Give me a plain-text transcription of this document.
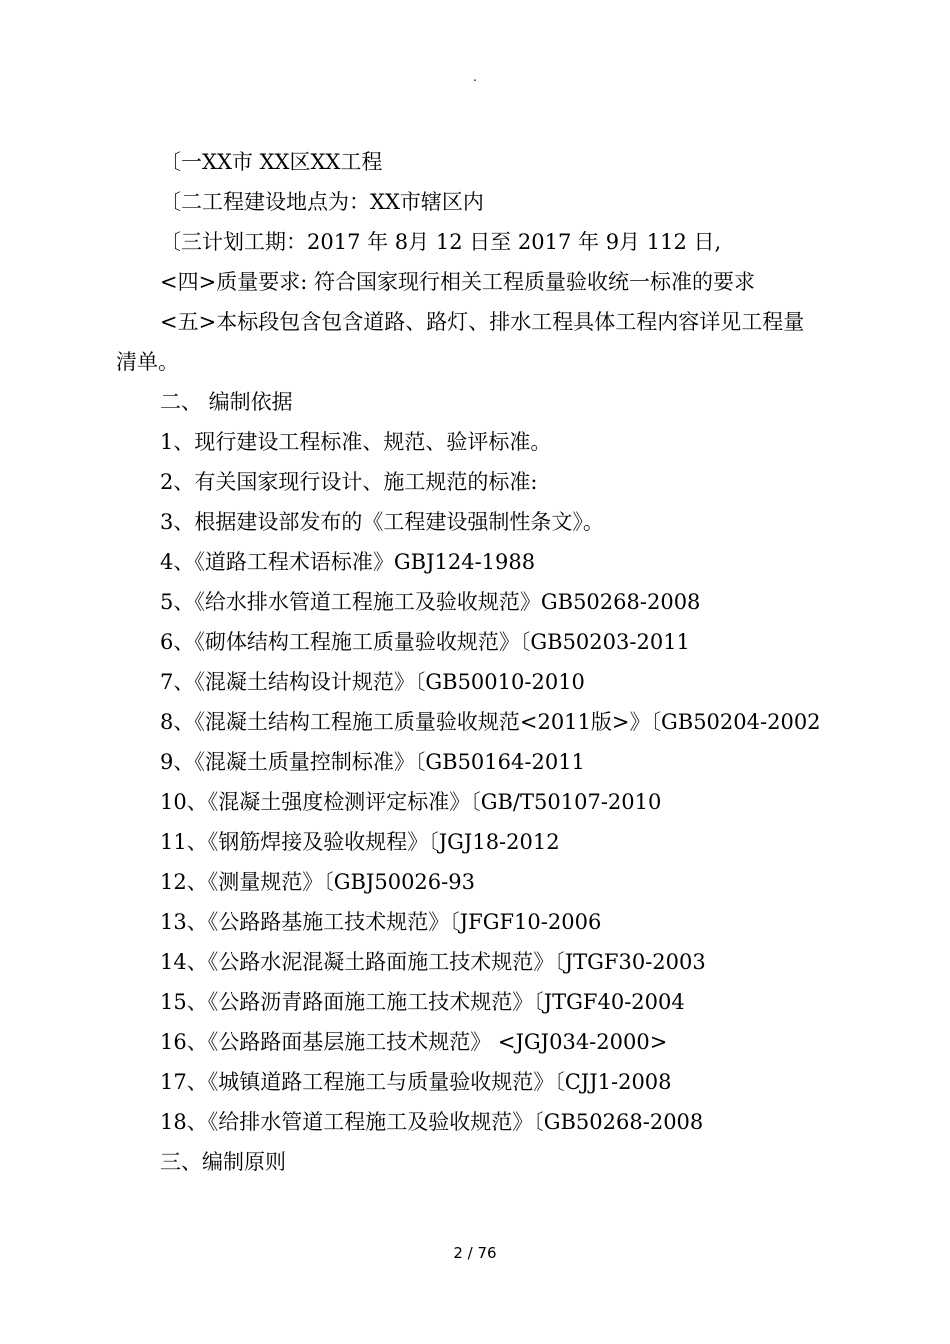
.
〔一XX市 XX区XX工程
〔二工程建设地点为：XX市辖区内
〔三计划工期：2017 年 8月 12 日至 2017 年 9月 112 日,
<四>质量要求: 符合国家现行相关工程质量验收统一标准的要求
<五>本标段包含包含道路、路灯、排水工程具体工程内容详见工程量
清单。
二、 编制依据
1、现行建设工程标准、规范、验评标准。
2、有关国家现行设计、施工规范的标准:
3、根据建设部发布的《工程建设强制性条文》。
4、《道路工程术语标准》GBJ124-1988
5、《给水排水管道工程施工及验收规范》GB50268-2008
6、《砌体结构工程施工质量验收规范》〔GB50203-2011
7、《混凝土结构设计规范》〔GB50010-2010
8、《混凝土结构工程施工质量验收规范<2011版>》〔GB50204-2002
9、《混凝土质量控制标准》〔GB50164-2011
10、《混凝土强度检测评定标准》〔GB/T50107-2010
11、《钢筋焊接及验收规程》〔JGJ18-2012
12、《测量规范》〔GBJ50026-93
13、《公路路基施工技术规范》〔JFGF10-2006
14、《公路水泥混凝土路面施工技术规范》〔JTGF30-2003
15、《公路沥青路面施工施工技术规范》〔JTGF40-2004
16、《公路路面基层施工技术规范》 <JGJ034-2000>
17、《城镇道路工程施工与质量验收规范》〔CJJ1-2008
18、《给排水管道工程施工及验收规范》〔GB50268-2008
三、编制原则
2 / 76
